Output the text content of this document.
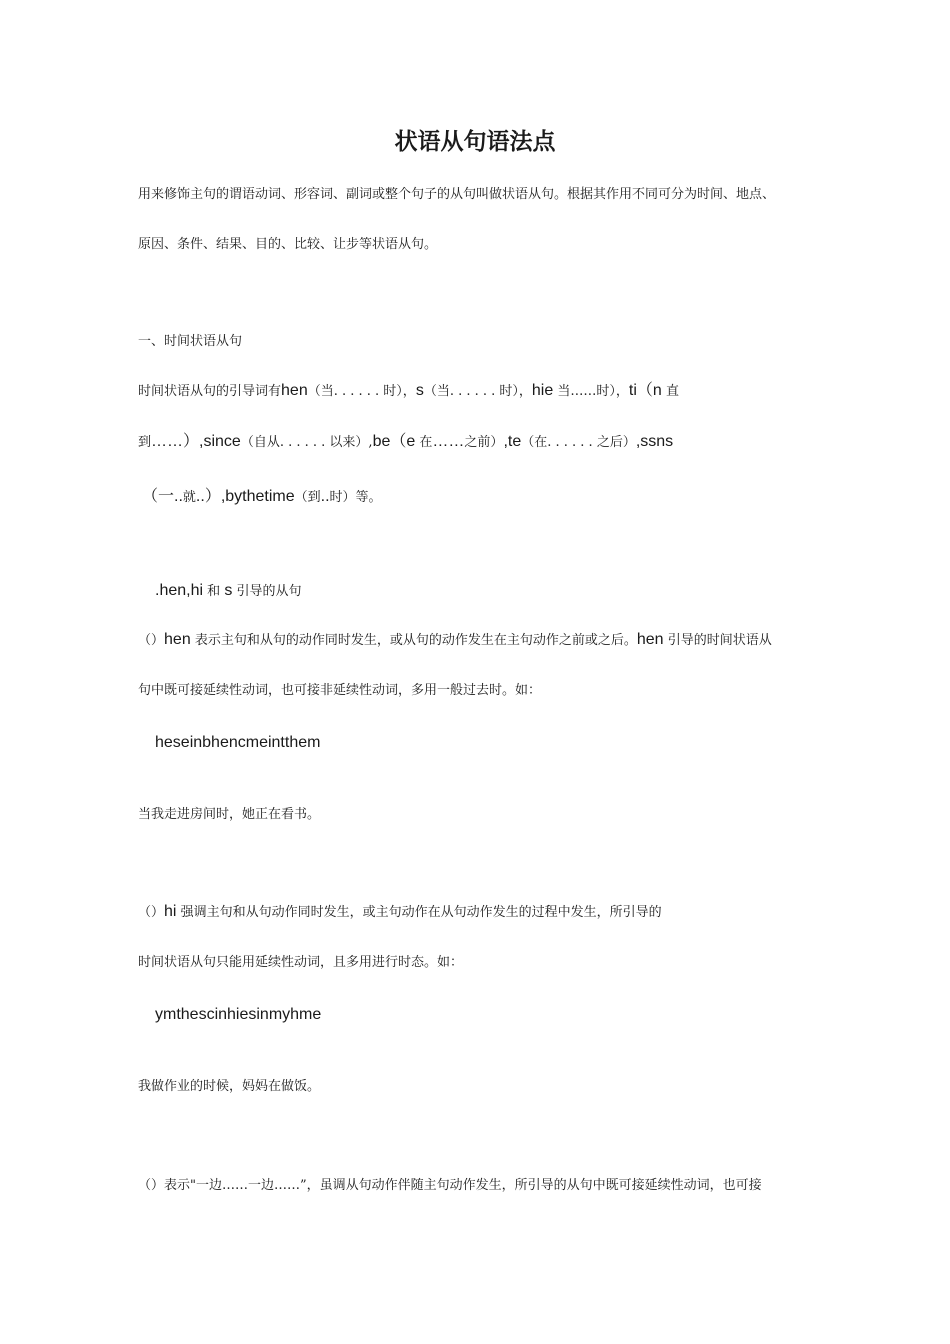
状语从句语法点
用来修饰主句的谓语动词、形容词、副词或整个句子的从句叫做状语从句。根据其作用不同可分为时间、地点、
原因、条件、结果、目的、比较、让步等状语从句。
一、时间状语从句
时间状语从句的引导词有hen（当. . . . . . 时），s（当. . . . . . 时），hie 当……时），ti（n 直
到……）,since（自从. . . . . . 以来）,be（e 在……之前）,te（在. . . . . . 之后）,ssns
（一..就..）,bythetime（到..时）等。
.hen,hi 和 s 引导的从句
（）hen 表示主句和从句的动作同时发生，或从句的动作发生在主句动作之前或之后。hen 引导的时间状语从
句中既可接延续性动词，也可接非延续性动词，多用一般过去时。如：
heseinbhencmeintthem
当我走进房间时，她正在看书。
（）hi 强调主句和从句动作同时发生，或主句动作在从句动作发生的过程中发生，所引导的
时间状语从句只能用延续性动词，且多用进行时态。如：
ymthescinhiesinmyhme
我做作业的时候，妈妈在做饭。
（）表示"一边……一边……”，虽调从句动作伴随主句动作发生，所引导的从句中既可接延续性动词，也可接
